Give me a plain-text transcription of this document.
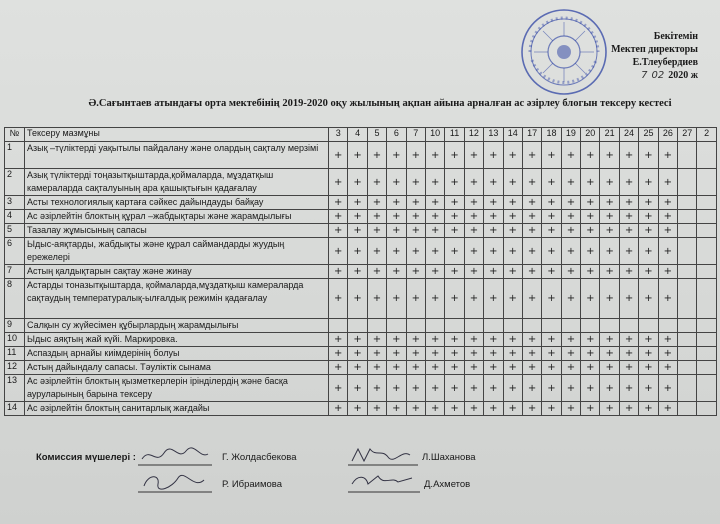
Бекітемін
Мектеп директоры
Е.Тлеубердиев
7 02 2020 ж
Ә.Сағынтаев атындағы орта мектебінің 2019-2020 оқу жылының ақпан айына арналған ас әзірлеу блогын тексеру кестесі
№	Тексеру мазмұны	3	4	5	6	7	10	11	12	13	14	17	18	19	20	21	24	25	26	27	2
1	Азық –түліктерді уақытылы пайдалану және олардың сақталу мерзімі	+	+	+	+	+	+	+	+	+	+	+	+	+	+	+	+	+	+		
2	Азық түліктерді тоңазытқыштарда,қоймаларда, мұздатқыш камераларда сақталуының ара қашықтығын қадағалау	+	+	+	+	+	+	+	+	+	+	+	+	+	+	+	+	+	+		
3	Асты технологиялық картаға сәйкес дайындауды байқау	+	+	+	+	+	+	+	+	+	+	+	+	+	+	+	+	+	+		
4	Ас әзірлейтін блоктың құрал –жабдықтары және жарамдылығы	+	+	+	+	+	+	+	+	+	+	+	+	+	+	+	+	+	+		
5	Тазалау жұмысының сапасы	+	+	+	+	+	+	+	+	+	+	+	+	+	+	+	+	+	+		
6	Ыдыс-аяқтарды, жабдықты және құрал саймандарды жуудың ережелері	+	+	+	+	+	+	+	+	+	+	+	+	+	+	+	+	+	+		
7	Астың қалдықтарын сақтау және жинау	+	+	+	+	+	+	+	+	+	+	+	+	+	+	+	+	+	+		
8	Астарды тоназытқыштарда, қоймаларда,мұздатқыш камераларда сақтаудың температуралық-ылғалдық режимін қадағалау	+	+	+	+	+	+	+	+	+	+	+	+	+	+	+	+	+	+		
9	Салқын су жүйесімен құбырлардың жарамдылығы																				
10	Ыдыс аяқтың жай күйі. Маркировка.	+	+	+	+	+	+	+	+	+	+	+	+	+	+	+	+	+	+		
11	Аспаздың арнайы киімдерінің болуы	+	+	+	+	+	+	+	+	+	+	+	+	+	+	+	+	+	+		
12	Астың дайындалу сапасы. Тәуліктік сынама	+	+	+	+	+	+	+	+	+	+	+	+	+	+	+	+	+	+		
13	Ас әзірлейтін блоктың қызметкерлерін ірінділердің және басқа ауруларының барына тексеру	+	+	+	+	+	+	+	+	+	+	+	+	+	+	+	+	+	+		
14	Ас әзірлейтін блоктың санитарлық жағдайы	+	+	+	+	+	+	+	+	+	+	+	+	+	+	+	+	+	+		
Комиссия мүшелері :	Г. Жолдасбекова	Л.Шаханова
Р. Ибраимова	Д.Ахметов
